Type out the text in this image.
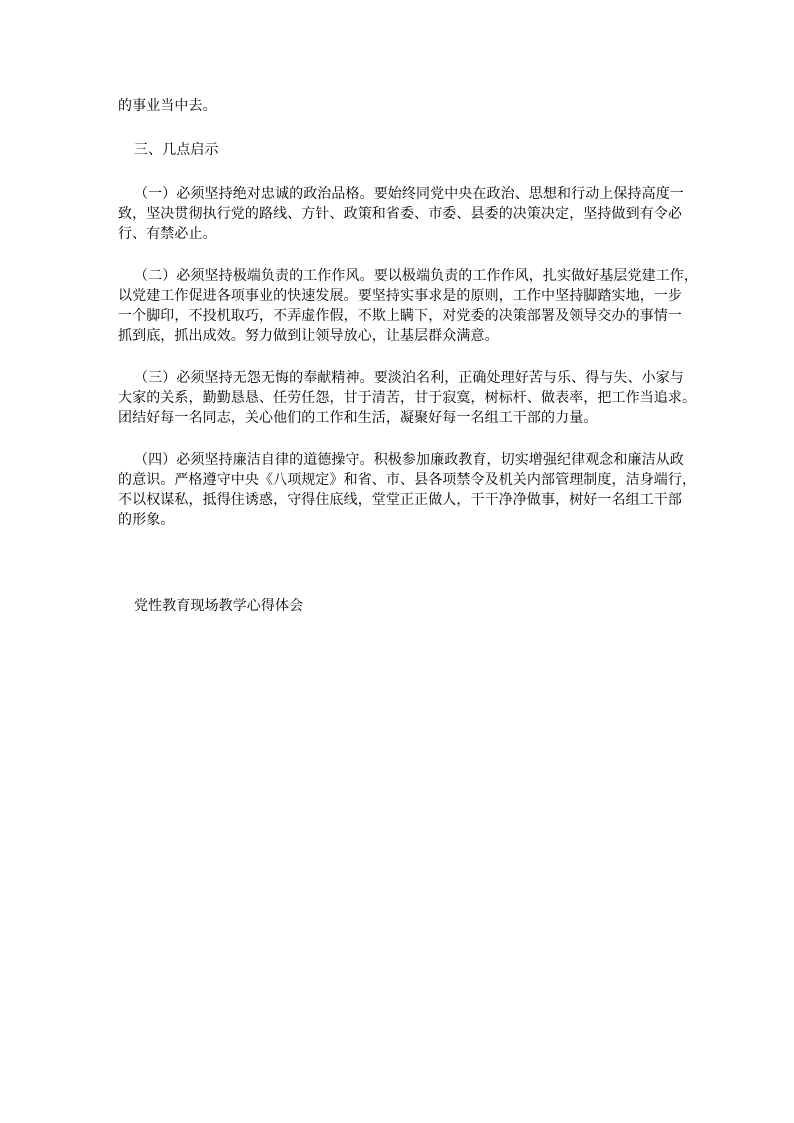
的事业当中去。
三、几点启示
（一）必须坚持绝对忠诚的政治品格。要始终同党中央在政治、思想和行动上保持高度一
致，坚决贯彻执行党的路线、方针、政策和省委、市委、县委的决策决定，坚持做到有令必
行、有禁必止。
（二）必须坚持极端负责的工作作风。要以极端负责的工作作风，扎实做好基层党建工作，
以党建工作促进各项事业的快速发展。要坚持实事求是的原则，工作中坚持脚踏实地，一步
一个脚印，不投机取巧，不弄虚作假，不欺上瞒下，对党委的决策部署及领导交办的事情一
抓到底，抓出成效。努力做到让领导放心，让基层群众满意。
（三）必须坚持无怨无悔的奉献精神。要淡泊名利，正确处理好苦与乐、得与失、小家与
大家的关系，勤勤恳恳、任劳任怨，甘于清苦，甘于寂寞，树标杆、做表率，把工作当追求。
团结好每一名同志，关心他们的工作和生活，凝聚好每一名组工干部的力量。
（四）必须坚持廉洁自律的道德操守。积极参加廉政教育，切实增强纪律观念和廉洁从政
的意识。严格遵守中央《八项规定》和省、市、县各项禁令及机关内部管理制度，洁身端行，
不以权谋私，抵得住诱惑，守得住底线，堂堂正正做人，干干净净做事，树好一名组工干部
的形象。
党性教育现场教学心得体会
